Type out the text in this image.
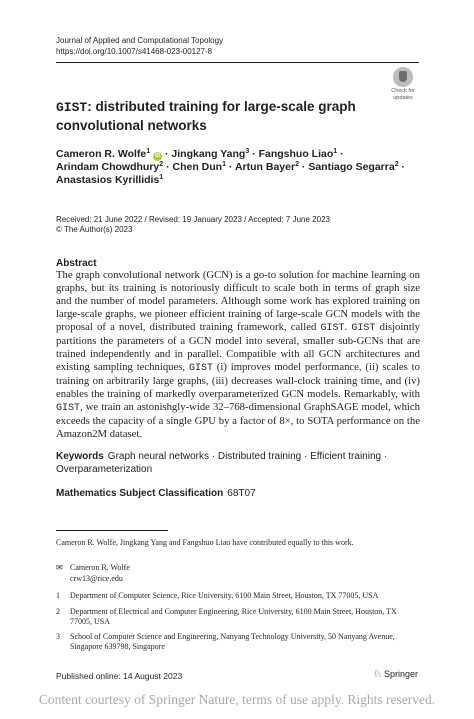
Journal of Applied and Computational Topology
https://doi.org/10.1007/s41468-023-00127-8
Check for
updates
GIST: distributed training for large-scale graph convolutional networks
Cameron R. Wolfe$^1$ iD · Jingkang Yang$^3$ · Fangshuo Liao$^1$ ·
Arindam Chowdhury$^2$ · Chen Dun$^1$ · Artun Bayer$^2$ · Santiago Segarra$^2$ ·
Anastasios Kyrillidis$^1$
Received: 21 June 2022 / Revised: 19 January 2023 / Accepted: 7 June 2023
© The Author(s) 2023
Abstract
The graph convolutional network (GCN) is a go-to solution for machine learning on graphs, but its training is notoriously difficult to scale both in terms of graph size and the number of model parameters. Although some work has explored training on large-scale graphs, we pioneer efficient training of large-scale GCN models with the proposal of a novel, distributed training framework, called GIST. GIST disjointly partitions the parameters of a GCN model into several, smaller sub-GCNs that are trained independently and in parallel. Compatible with all GCN architectures and existing sampling techniques, GIST (i) improves model performance, (ii) scales to training on arbitrarily large graphs, (iii) decreases wall-clock training time, and (iv) enables the training of markedly overparameterized GCN models. Remarkably, with GIST, we train an astonishgly-wide 32–768-dimensional GraphSAGE model, which exceeds the capacity of a single GPU by a factor of 8×, to SOTA performance on the Amazon2M dataset.
Keywords Graph neural networks · Distributed training · Efficient training · Overparameterization
Mathematics Subject Classification 68T07
Cameron R. Wolfe, Jingkang Yang and Fangshuo Liao have contributed equally to this work.
✉ Cameron R. Wolfe
crw13@rice.edu
1	Department of Computer Science, Rice University, 6100 Main Street, Houston, TX 77005, USA
2	Department of Electrical and Computer Engineering, Rice University, 6100 Main Street, Houston, TX 77005, USA
3	School of Computer Science and Engineering, Nanyang Technology University, 50 Nanyang Avenue, Singapore 639798, Singapore
Published online: 14 August 2023	♘ Springer
Content courtesy of Springer Nature, terms of use apply. Rights reserved.
